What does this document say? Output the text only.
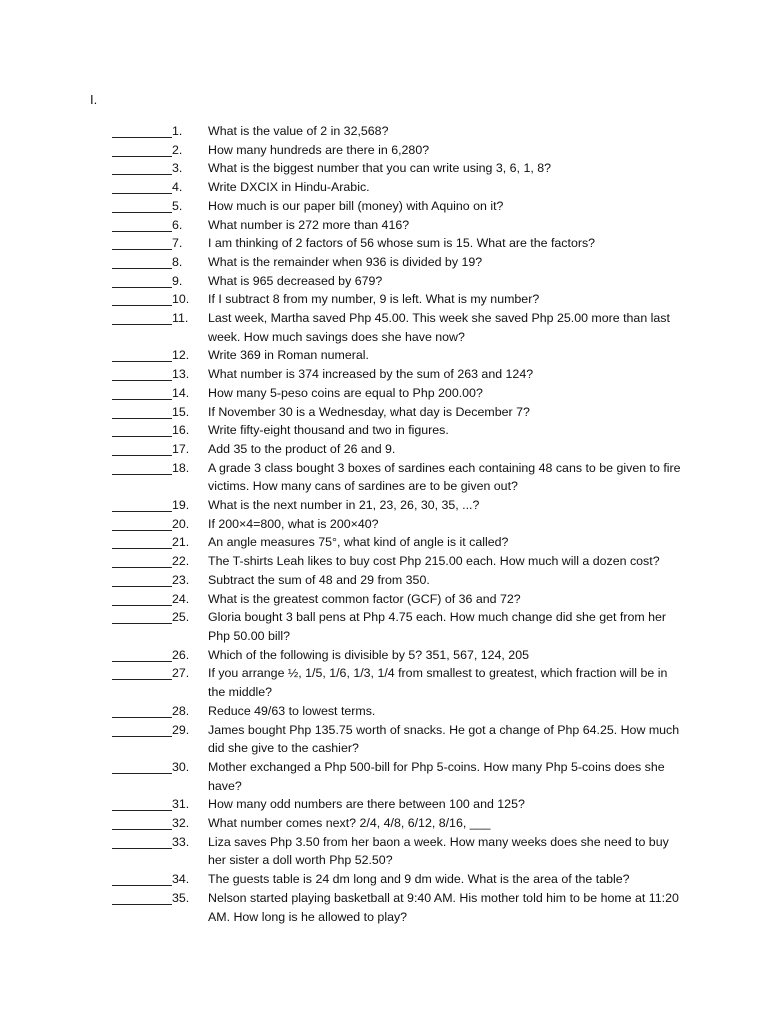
I.
1.	What is the value of 2 in 32,568?
2.	How many hundreds are there in 6,280?
3.	What is the biggest number that you can write using 3, 6, 1, 8?
4.	Write DXCIX in Hindu-Arabic.
5.	How much is our paper bill (money) with Aquino on it?
6.	What number is 272 more than 416?
7.	I am thinking of 2 factors of 56 whose sum is 15. What are the factors?
8.	What is the remainder when 936 is divided by 19?
9.	What is 965 decreased by 679?
10.	If I subtract 8 from my number, 9 is left. What is my number?
11.	Last week, Martha saved Php 45.00. This week she saved Php 25.00 more than last week. How much savings does she have now?
12.	Write 369 in Roman numeral.
13.	What number is 374 increased by the sum of 263 and 124?
14.	How many 5-peso coins are equal to Php 200.00?
15.	If November 30 is a Wednesday, what day is December 7?
16.	Write fifty-eight thousand and two in figures.
17.	Add 35 to the product of 26 and 9.
18.	A grade 3 class bought 3 boxes of sardines each containing 48 cans to be given to fire victims. How many cans of sardines are to be given out?
19.	What is the next number in 21, 23, 26, 30, 35, ...?
20.	If 200×4=800, what is 200×40?
21.	An angle measures 75°, what kind of angle is it called?
22.	The T-shirts Leah likes to buy cost Php 215.00 each. How much will a dozen cost?
23.	Subtract the sum of 48 and 29 from 350.
24.	What is the greatest common factor (GCF) of 36 and 72?
25.	Gloria bought 3 ball pens at Php 4.75 each. How much change did she get from her Php 50.00 bill?
26.	Which of the following is divisible by 5? 351, 567, 124, 205
27.	If you arrange ½, 1/5, 1/6, 1/3, 1/4 from smallest to greatest, which fraction will be in the middle?
28.	Reduce 49/63 to lowest terms.
29.	James bought Php 135.75 worth of snacks. He got a change of Php 64.25. How much did she give to the cashier?
30.	Mother exchanged a Php 500-bill for Php 5-coins. How many Php 5-coins does she have?
31.	How many odd numbers are there between 100 and 125?
32.	What number comes next? 2/4, 4/8, 6/12, 8/16, ___
33.	Liza saves Php 3.50 from her baon a week. How many weeks does she need to buy her sister a doll worth Php 52.50?
34.	The guests table is 24 dm long and 9 dm wide. What is the area of the table?
35.	Nelson started playing basketball at 9:40 AM. His mother told him to be home at 11:20 AM. How long is he allowed to play?
